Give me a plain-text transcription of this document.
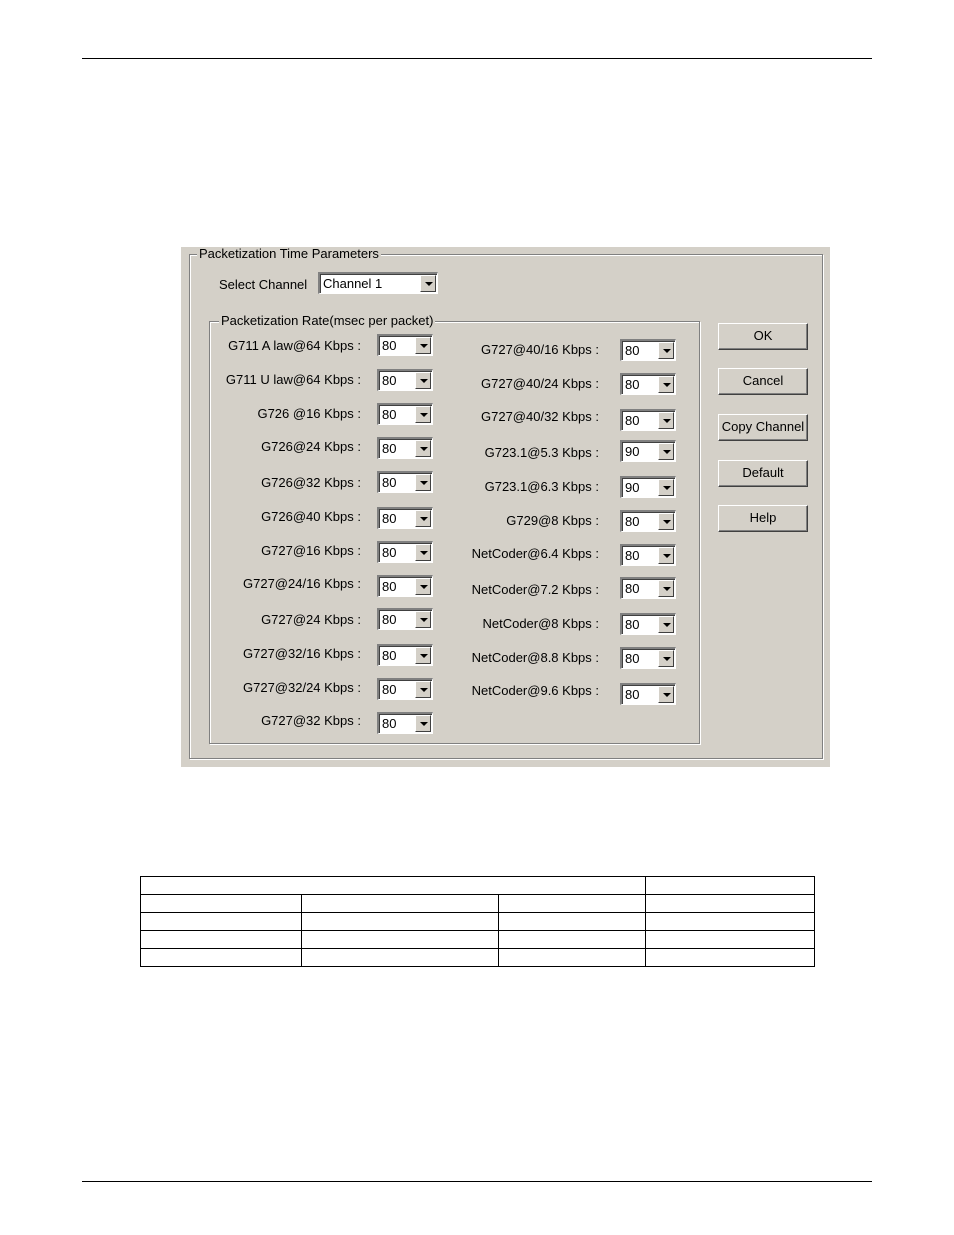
Packetization Time Parameters
Select Channel Channel 1
Packetization Rate(msec per packet)
G711 A law@64 Kbps : 80
G711 U law@64 Kbps : 80
G726 @16 Kbps : 80
G726@24 Kbps : 80
G726@32 Kbps : 80
G726@40 Kbps : 80
G727@16 Kbps : 80
G727@24/16 Kbps : 80
G727@24 Kbps : 80
G727@32/16 Kbps : 80
G727@32/24 Kbps : 80
G727@32 Kbps : 80
G727@40/16 Kbps : 80
G727@40/24 Kbps : 80
G727@40/32 Kbps : 80
G723.1@5.3 Kbps : 90
G723.1@6.3 Kbps : 90
G729@8 Kbps : 80
NetCoder@6.4 Kbps : 80
NetCoder@7.2 Kbps : 80
NetCoder@8 Kbps : 80
NetCoder@8.8 Kbps : 80
NetCoder@9.6 Kbps : 80
OK
Cancel
Copy Channel
Default
Help
